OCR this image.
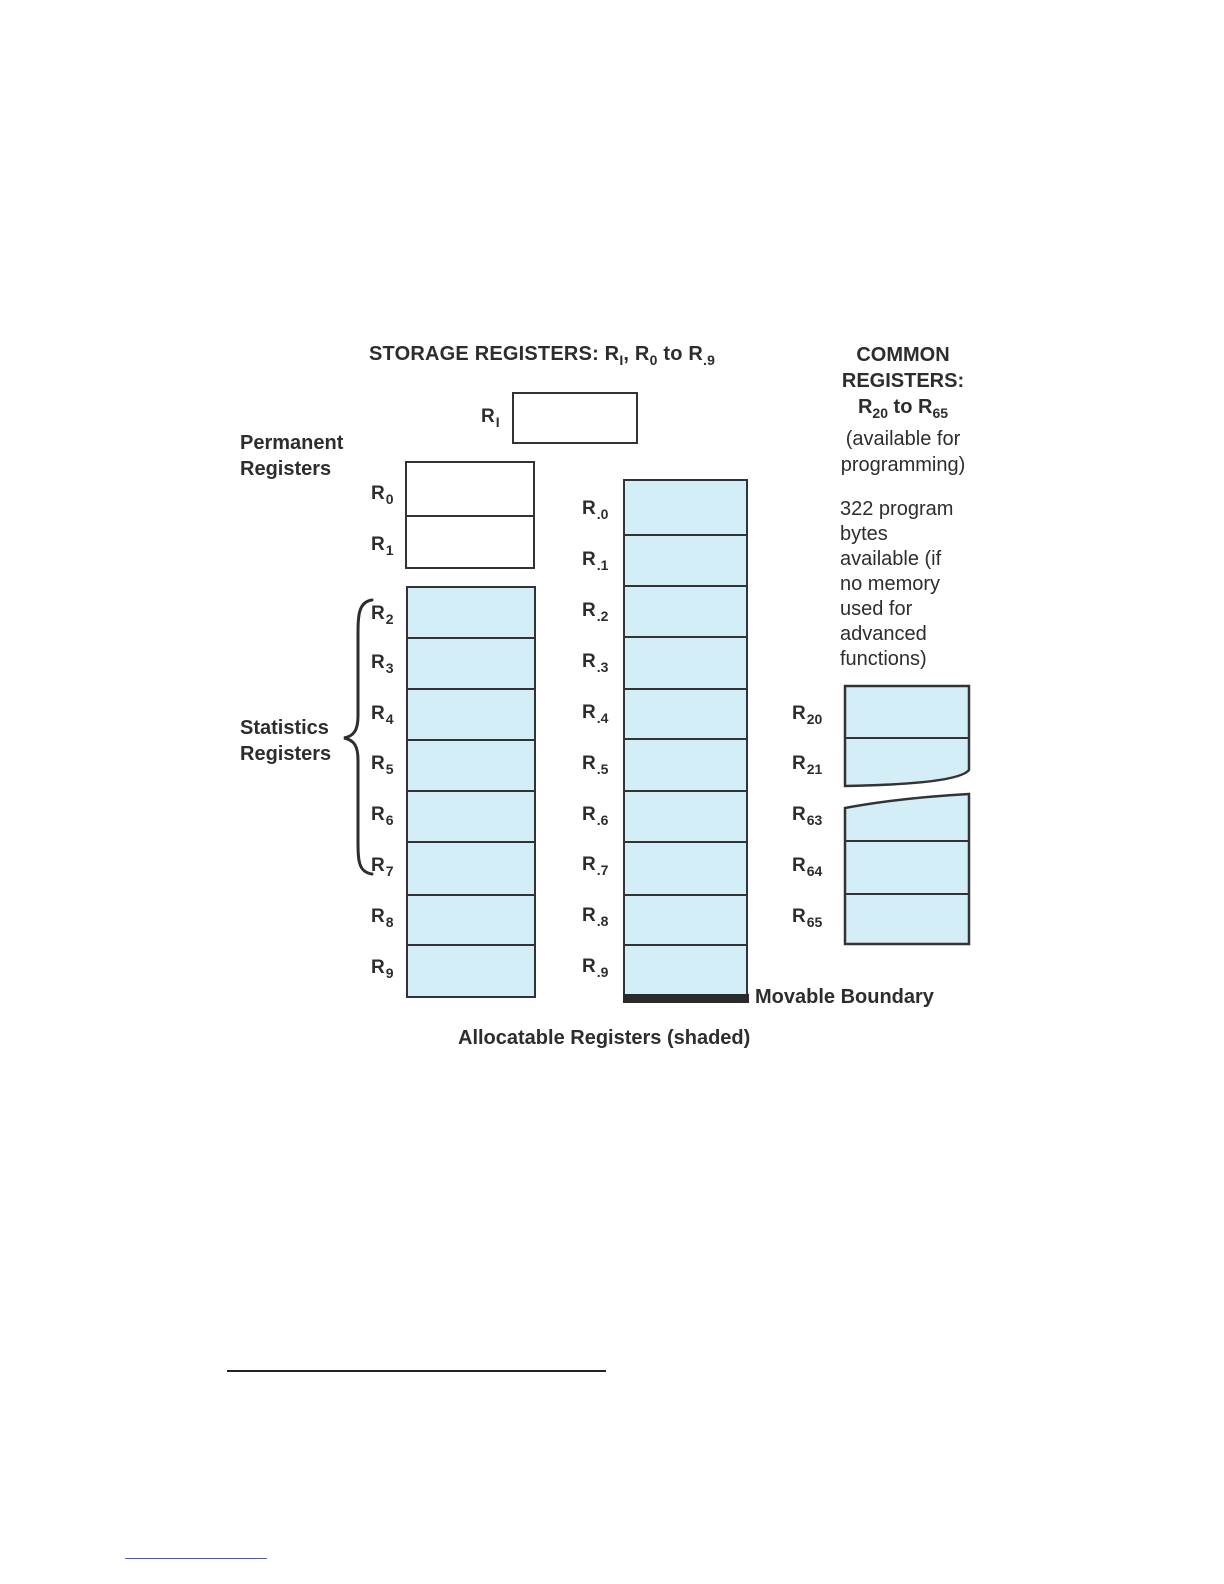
STORAGE REGISTERS: $R_I$, $R_0$ to $R_{.9}$	COMMON
REGISTERS:
$R_{20}$ to $R_{65}$
(available for
programming)
322 program
bytes
available (if
no memory
used for
advanced
functions)
$R_I$
Permanent
Registers
Statistics
Registers
$R_0$
$R_1$
$R_2$
$R_3$
$R_4$
$R_5$
$R_6$
$R_7$
$R_8$
$R_9$
$R_{.0}$
$R_{.1}$
$R_{.2}$
$R_{.3}$
$R_{.4}$
$R_{.5}$
$R_{.6}$
$R_{.7}$
$R_{.8}$
$R_{.9}$
Movable Boundary
$R_{20}$
$R_{21}$
$R_{63}$
$R_{64}$
$R_{65}$
Allocatable Registers (shaded)
